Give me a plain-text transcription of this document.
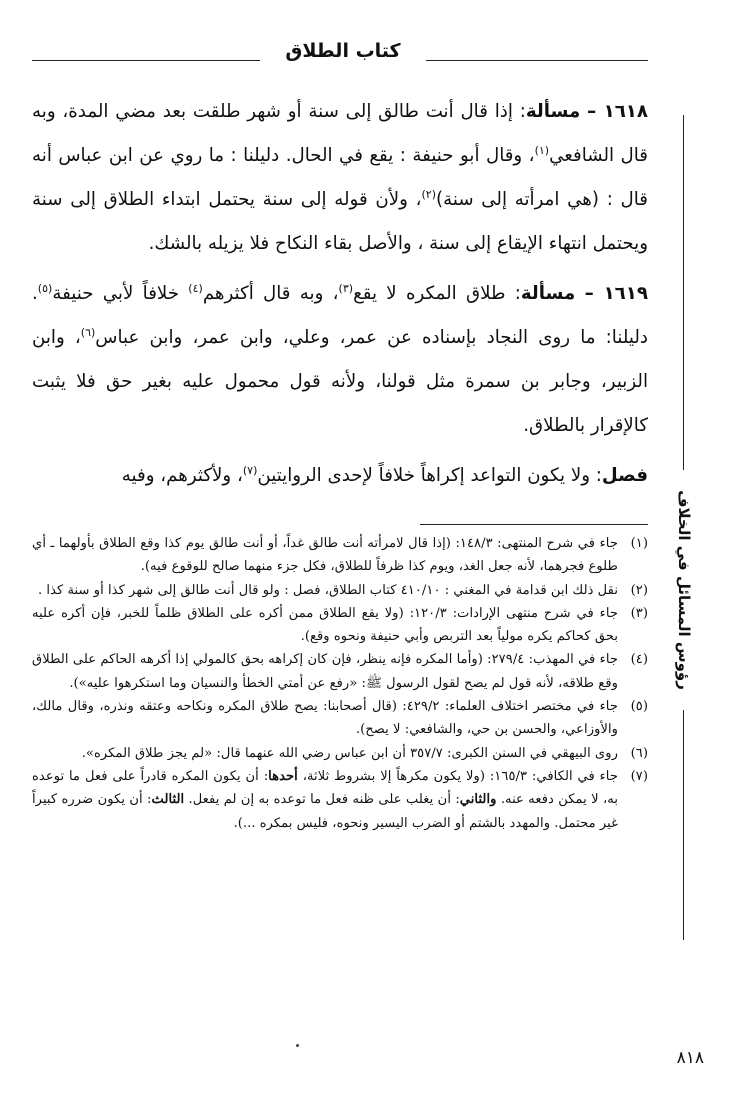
كتاب الطلاق

١٦١٨ – مسألة: إذا قال أنت طالق إلى سنة أو شهر طلقت بعد مضي المدة، وبه قال الشافعي$^{(١)}$، وقال أبو حنيفة : يقع في الحال. دليلنا : ما روي عن ابن عباس أنه قال : (هي امرأته إلى سنة)$^{(٢)}$، ولأن قوله إلى سنة يحتمل ابتداء الطلاق إلى سنة ويحتمل انتهاء الإيقاع إلى سنة ، والأصل بقاء النكاح فلا يزيله بالشك.

١٦١٩ – مسألة: طلاق المكره لا يقع$^{(٣)}$، وبه قال أكثرهم$^{(٤)}$ خلافاً لأبي حنيفة$^{(٥)}$. دليلنا: ما روى النجاد بإسناده عن عمر، وعلي، وابن عمر، وابن عباس$^{(٦)}$، وابن الزبير، وجابر بن سمرة مثل قولنا، ولأنه قول محمول عليه بغير حق فلا يثبت كالإقرار بالطلاق.

فصل: ولا يكون التواعد إكراهاً خلافاً لإحدى الروايتين$^{(٧)}$، ولأكثرهم، وفيه

(١)
جاء في شرح المنتهى: ١٤٨/٣: (إذا قال لامرأته أنت طالق غداً، أو أنت طالق يوم كذا وقع الطلاق بأولهما ـ أي طلوع فجرهما، لأنه جعل الغد، ويوم كذا ظرفاً للطلاق، فكل جزء منهما صالح للوقوع فيه).
(٢)
نقل ذلك ابن قدامة في المغني : ٤١٠/١٠ كتاب الطلاق، فصل : ولو قال أنت طالق إلى شهر كذا أو سنة كذا .
(٣)
جاء في شرح منتهى الإرادات: ١٢٠/٣: (ولا يقع الطلاق ممن أكره على الطلاق ظلماً للخبر، فإن أكره عليه بحق كحاكم يكره مولياً بعد التربص وأبي حنيفة ونحوه وقع).
(٤)
جاء في المهذب: ٢٧٩/٤: (وأما المكره فإنه ينظر، فإن كان إكراهه بحق كالمولي إذا أكرهه الحاكم على الطلاق وقع طلاقه، لأنه قول لم يصح لقول الرسول ﷺ: «رفع عن أمتي الخطأ والنسيان وما استكرهوا عليه»).
(٥)
جاء في مختصر اختلاف العلماء: ٤٢٩/٢: (قال أصحابنا: يصح طلاق المكره ونكاحه وعتقه ونذره، وقال مالك، والأوزاعي، والحسن بن حي، والشافعي: لا يصح).
(٦)
روى البيهقي في السنن الكبرى: ٣٥٧/٧ أن ابن عباس رضي الله عنهما قال: «لم يجز طلاق المكره».
(٧)
جاء في الكافي: ١٦٥/٣: (ولا يكون مكرهاً إلا بشروط ثلاثة، أحدها: أن يكون المكره قادراً على فعل ما توعده به، لا يمكن دفعه عنه. والثاني: أن يغلب على ظنه فعل ما توعده به إن لم يفعل. الثالث: أن يكون ضرره كبيراً غير محتمل. والمهدد بالشتم أو الضرب اليسير ونحوه، فليس بمكره ...).
رؤوس المسائل في الخلاف
٨١٨
